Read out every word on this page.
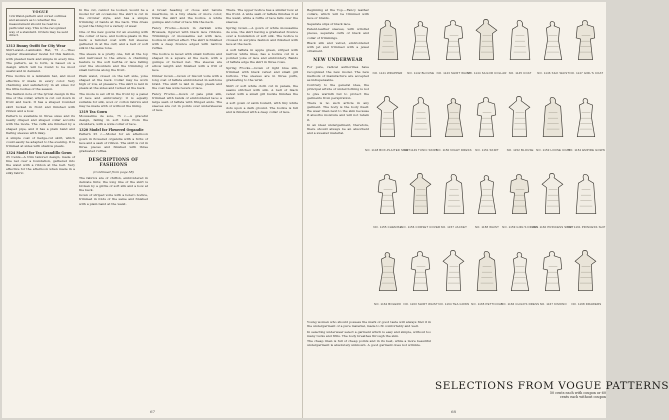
VOGUE
124 Waist-pattern and corset outlines and answers as to whether the measurement should be read in a particular way. This is the recognized way of a standard. Orders may be sent direct.
1313 Bunny Outfit for City Wear

Shirt-waist—Lambskin Hat, 75 c.—Theo regular dressmaker model for this fashion, with pleated back and simple in every line. The pattern, as to form, is based on a design which will be found to be most useful and in demand.

Fine motive in a lambskin hat, and most effective if made in every color. Very charming and satisfactory in all sizes for the little bodies of the season.

The fashion note of the lyrical design in the line of the collar, which is cut out down in front and back. It has a shaped rounded skirt tucked in front and finished with ribbon and a bow.

Pattern is available in three sizes and its neatly draped and shaped collar accords with the mode. The cuffs are finished by a shaped pipe, and it has a plain band and flaring sleeves with inlay.

A simple coat of hedge-cut skirt, which could easily be adapted to the evening. It is trimmed at sides with shallow pleats.

1324 Model for Tea Grandillo Gown

25 Cents—A trim tailored design, made of fine net over a foundation, gathered into the waist with a ribbon at the belt. Very effective for the afternoon when made in a silky fabric.

In the cut, cannot be looked, would be a model for all occasions; the skirt is cut in the circular style, and has a simple trimming of bands at the back. This dress is just the thing for a variety of wear.

One of the new gowns for an evening with the collar of lace, and bodice-pleats in the back; a tailored coat with full sleeves gathered in at the cuff, and a belt of soft silk in the same tone.

The sleeve is a pretty one, full at the top and narrowed to the elbow. A charming feature is the soft bertha of lace falling over the shoulders and the trimming of small buttons along the front.

Plain waist, closed on the left side, yoke shaped at the back. Collar may be worn high or low, at pleasure. The skirt is laid in pleats at the sides and tucked at the back.

The mode is set off in the front by a panel of lace and embroidery; it is equally suitable for silk, wool or cotton fabrics and may be made with or without the lining.

1319 Tea Gown

Mousseline de soie, 75 c.—A graceful design, falling in soft folds from the shoulders, with a wide collar of lace.

1320 Model for Flowered Organdie

Pattern 25 c.—Model for an afternoon gown in flowered organdie with a fichu of lace and a sash of ribbon. The skirt is cut in three pieces and finished with three graduated ruffles.

DESCRIPTIONS OF FASHIONS

(Continued from page 58)

The fabrics are of chiffon, embroidered in delicate tints; the long line of the skirt is broken by a girdle of soft silk and a bow at the back.

Gown of striped voile with a bolero bodice, trimmed in folds of the same and finished with a plain band at the waist.

A broad heading of close and nature insertions, in a tiny shade of more color, trims the skirt and the bodice. A white guimpe and collar of lace fills the neck.

Fancy Frocks.—Gown in darkish wire Brussels, figured with black lace ribbons. Trimmings of mousseline set with lace, bodice in shirred effect. The skirt is finished with a deep flounce edged with narrow ruffles.

The bodice is laced with small buttons and shaped in a square at the neck, with a guimpe of tucked net. The sleeves are elbow length and finished with a frill of lace.

Dinner Gown.—Gown of biscuit voile with a long coat of taffeta embroidered in self-tone braid. The skirt is laid in deep pleats and the coat has wide revers of lace.

Fancy Frocks.—Gown of pale pink silk, trimmed with bands of embroidered lace; a large sash of taffeta with fringed ends. The sleeves are cut in points over undersleeves of lace.

There. The upper bodice has a similar bow at the front. A wide sash of taffeta finishes it at the waist, while a ruffle of lace falls over the sleeves.

Spring Gown.—A gown of white mousseline de soie, the skirt having a graduated flounce over a foundation of soft silk. The bodice is crossed in surplice fashion and finished with lace at the neck.

A soft taffeta in apple green, striped with narrow white lines, has a bodice cut in a pointed yoke of lace and embroidery. Bands of taffeta edge the skirt in three rows.

Spring Frocks.—Gown of light blue silk, trimmed with black velvet and small gilt buttons. The sleeves are in three puffs, graduating to the wrist.

Skirt of soft white cloth cut in panels, the seams stitched with silk. A belt of black velvet with a small gilt buckle finishes the waist.

A soft gown of satin foulard, with tiny white dots upon a dark ground. The bodice is full and is finished with a deep collar of lace.

67

Beginning at the Top.—Fancy leather collars, which will be trimmed with lace or braids.

Separate slips of black lace.

Patent-leather sleeves, with wristlet pieces, separate cuffs of black and collar of trimmings.

Black silk and velvet, embroidered with jet and trimmed with a jewel ornament.

NEW UNDERWEAR

For pure, radical authorities have recognized the new model. The new methods of manufacture are accepted as indispensable.

Contrary to the general idea, the principal article of underclothing is not to give warmth but to protect the garments from perspiration.

There is no such article in any garment. The body is the body itself. We wear linen next to the skin because it absorbs moisture and will not retain it.

In an ideal undergarment, therefore, there should always be an absorbent and a sweater material.

NO. 1141 WRAPPER NO. 1142 BLOUSE NO. 1143 SHIRT WAIST
NO. 1144 SAILOR COLLAR NO. 1145 COAT NO. 1146 SILK WAIST NO. 1147 GIRL'S COAT
NO. 1148 BOX-PLAITED SKIRT
NO. 1149 TUNIC SKIRT
NO. 1150 NIGHT DRESS NO. 1151 SKIRT	NO. 1152 BLOUSE NO. 1153 LOOSE COAT
NO. 1154 EMPIRE GOWN
NO. 1155 CHEMISE NO. 1156 CORSET COVER NO. 1157 JACKET	NO. 1158 WAIST NO. 1159 GIRL'S DRESS
NO. 1160 PRINCESS SKIRT
NO. 1161 PRINCESS SLIP
NO. 1162 BOLERO NO. 1163 SHIRT WAIST NO. 1164 TEA GOWN NO. 1165 PETTICOAT
NO. 1166 CHILD'S DRESS NO. 1167 KIMONO NO. 1168 DRAWERS

Young women who should possess the mark of good taste will always find it in the undergarment of a pure material, made to fit comfortably and well.

In selecting underwear select a garment which is easy and simple, without too many tucks and frills. The body breathes through the skin.

The cheap linen is full of cheap points and in its best, while a more beautiful undergarment is absolutely unknown. A good garment does not wrinkle.

SELECTIONS FROM VOGUE PATTERNS
50 cents each with coupon or 60 cents each without coupon
68
